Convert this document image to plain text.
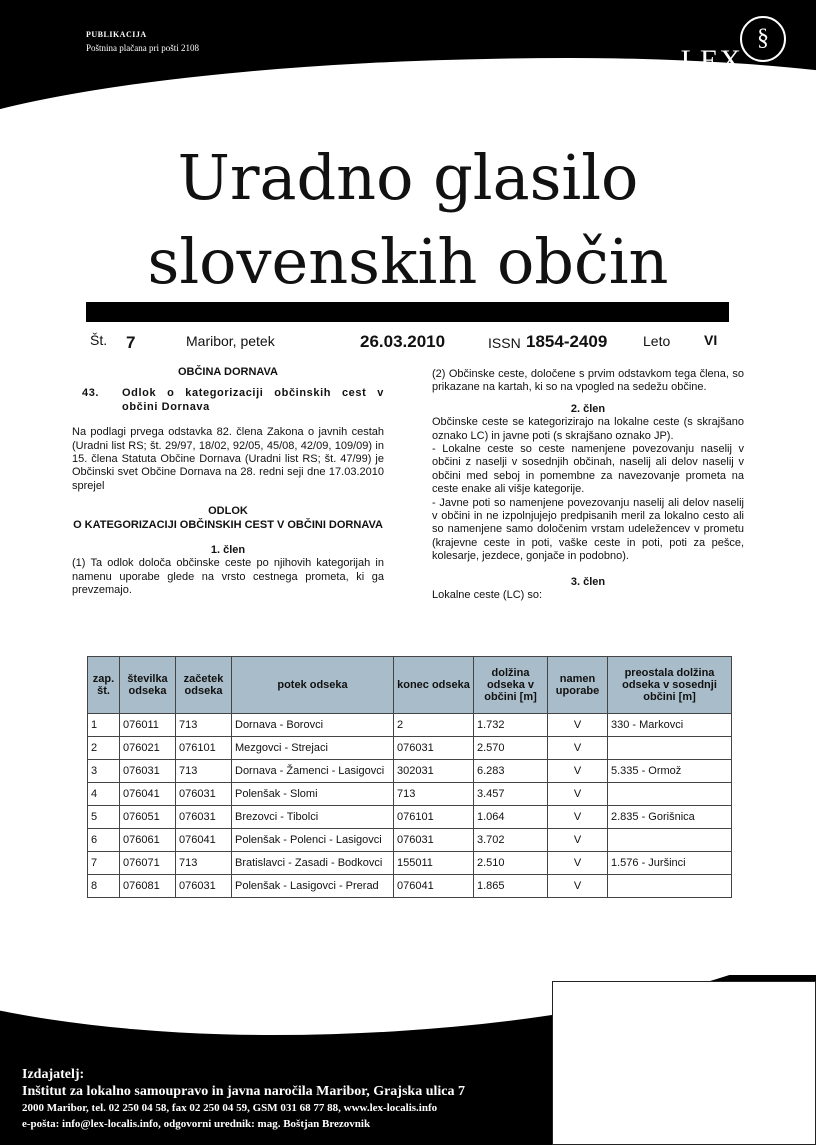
PUBLIKACIJA
Poštnina plačana pri pošti 2108	§
LEX
LOCALIS
Uradno glasilo
slovenskih občin
Št. 7	Maribor, petek	26.03.2010	ISSN 1854-2409	Leto VI
OBČINA DORNAVA
43.	Odlok o kategorizaciji občinskih cest v občini Dornava
Na podlagi prvega odstavka 82. člena Zakona o javnih cestah (Uradni list RS; št. 29/97, 18/02, 92/05, 45/08, 42/09, 109/09) in 15. člena Statuta Občine Dornava (Uradni list RS; št. 47/99) je Občinski svet Občine Dornava na 28. redni seji dne 17.03.2010 sprejel
ODLOK
O KATEGORIZACIJI OBČINSKIH CEST V OBČINI DORNAVA
1. člen
(1) Ta odlok določa občinske ceste po njihovih kategorijah in namenu uporabe glede na vrsto cestnega prometa, ki ga prevzemajo.
(2) Občinske ceste, določene s prvim odstavkom tega člena, so prikazane na kartah, ki so na vpogled na sedežu občine.
2. člen
Občinske ceste se kategorizirajo na lokalne ceste (s skrajšano oznako LC) in javne poti (s skrajšano oznako JP).
- Lokalne ceste so ceste namenjene povezovanju naselij v občini z naselji v sosednjih občinah, naselij ali delov naselij v občini med seboj in pomembne za navezovanje prometa na ceste enake ali višje kategorije.
- Javne poti so namenjene povezovanju naselij ali delov naselij v občini in ne izpolnjujejo predpisanih meril za lokalno cesto ali so namenjene samo določenim vrstam udeležencev v prometu (krajevne ceste in poti, vaške ceste in poti, poti za pešce, kolesarje, jezdece, gonjače in podobno).
3. člen
Lokalne ceste (LC) so:
zap. št.	številka odseka	začetek odseka	potek odseka	konec odseka	dolžina odseka v občini [m]	namen uporabe	preostala dolžina odseka v sosednji občini [m]
1	076011	713	Dornava - Borovci	2	1.732	V	330 - Markovci
2	076021	076101	Mezgovci - Strejaci	076031	2.570	V	
3	076031	713	Dornava - Žamenci - Lasigovci	302031	6.283	V	5.335 - Ormož
4	076041	076031	Polenšak - Slomi	713	3.457	V	
5	076051	076031	Brezovci - Tibolci	076101	1.064	V	2.835 - Gorišnica
6	076061	076041	Polenšak - Polenci - Lasigovci	076031	3.702	V	
7	076071	713	Bratislavci - Zasadi - Bodkovci	155011	2.510	V	1.576 - Juršinci
8	076081	076031	Polenšak - Lasigovci - Prerad	076041	1.865	V	
Izdajatelj:
Inštitut za lokalno samoupravo in javna naročila Maribor, Grajska ulica 7
2000 Maribor, tel. 02 250 04 58, fax 02 250 04 59, GSM 031 68 77 88, www.lex-localis.info
e-pošta: info@lex-localis.info, odgovorni urednik: mag. Boštjan Brezovnik
